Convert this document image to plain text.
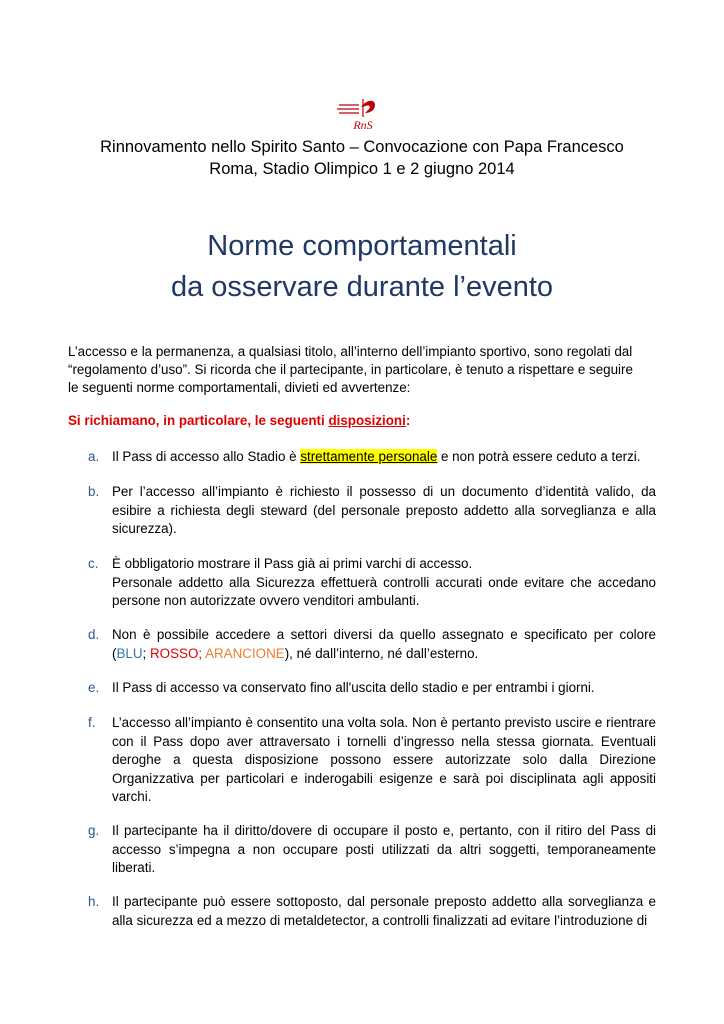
RnS
Rinnovamento nello Spirito Santo – Convocazione con Papa Francesco
Roma, Stadio Olimpico 1 e 2 giugno 2014
Norme comportamentali
da osservare durante l’evento
L’accesso e la permanenza, a qualsiasi titolo, all’interno dell’impianto sportivo, sono regolati dal
“regolamento d’uso”. Si ricorda che il partecipante, in particolare, è tenuto a rispettare e seguire
le seguenti norme comportamentali, divieti ed avvertenze:
Si richiamano, in particolare, le seguenti disposizioni:
a. Il Pass di accesso allo Stadio è strettamente personale e non potrà essere ceduto a terzi.
b. Per l’accesso all’impianto è richiesto il possesso di un documento d’identità valido, da esibire a richiesta degli steward (del personale preposto addetto alla sorveglianza e alla sicurezza).
c. È obbligatorio mostrare il Pass già ai primi varchi di accesso.
Personale addetto alla Sicurezza effettuerà controlli accurati onde evitare che accedano persone non autorizzate ovvero venditori ambulanti.
d. Non è possibile accedere a settori diversi da quello assegnato e specificato per colore (BLU; ROSSO; ARANCIONE), né dall’interno, né dall’esterno.
e. Il Pass di accesso va conservato fino all'uscita dello stadio e per entrambi i giorni.
f. L’accesso all’impianto è consentito una volta sola. Non è pertanto previsto uscire e rientrare con il Pass dopo aver attraversato i tornelli d’ingresso nella stessa giornata. Eventuali deroghe a questa disposizione possono essere autorizzate solo dalla Direzione Organizzativa per particolari e inderogabili esigenze e sarà poi disciplinata agli appositi varchi.
g. Il partecipante ha il diritto/dovere di occupare il posto e, pertanto, con il ritiro del Pass di accesso s’impegna a non occupare posti utilizzati da altri soggetti, temporaneamente liberati.
h. Il partecipante può essere sottoposto, dal personale preposto addetto alla sorveglianza e alla sicurezza ed a mezzo di metaldetector, a controlli finalizzati ad evitare l’introduzione di
